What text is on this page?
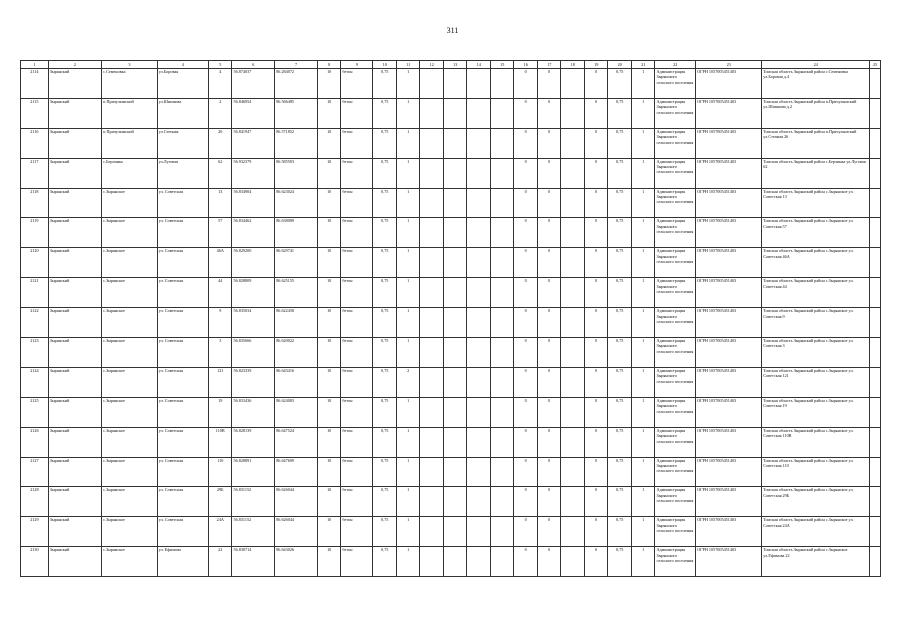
311
1	2	3	4	5	6	7	8	9	10	11	12	13	14	15	16	17	18	19	20	21	22	23	24	25
2114	Зырянский	с.Семеновка	ул.Боровая	4	56.874037	86.284072	10	бетон	0,75	1					0	0		0	0,75	1	Администрация Зырянского сельского поселения	ОГРН 1057005451403	Томская область Зырянский район с.Семеновка ул.Боровая д.4	
2115	Зырянский	п.Причулымский	ул.Шишкова	2	56.846954	86.566485	10	бетон	0,75	1					0	0		0	0,75	1	Администрация Зырянского сельского поселения	ОГРН 1057005451403	Томская область Зырянский район п.Причулымский ул.Шишкова д.2	
2116	Зырянский	п.Причулымский	ул.Степная	26	56.841947	86.571852	10	бетон	0,75	1					0	0		0	0,75	1	Администрация Зырянского сельского поселения	ОГРН 1057005451403	Томская область Зырянский район п.Причулымский ул.Степная 26	
2117	Зырянский	с.Берлинка	ул.Луговая	62	56.932379	86.585503	10	бетон	0,75	1					0	0		0	0,75	1	Администрация Зырянского сельского поселения	ОГРН 1057005451403	Томская область Зырянский район с.Берлинка ул.Луговая 62	
2118	Зырянский	с.Зырянское	ул. Советская	13	56.834904	86.623024	10	бетон	0,75	1					0	0		0	0,75	1	Администрация Зырянского сельского поселения	ОГРН 1057005451403	Томская область Зырянский район с.Зырянское ул. Советская 13	
2119	Зырянский	с.Зырянское	ул. Советская	57	56.834462	86.638089	10	бетон	0,75	1					0	0		0	0,75	1	Администрация Зырянского сельского поселения	ОГРН 1057005451403	Томская область Зырянский район с.Зырянское ул. Советская 57	
2120	Зырянский	с.Зырянское	ул. Советская	46А	56.829200	86.629741	10	бетон	0,75	1					0	0		0	0,75	1	Администрация Зырянского сельского поселения	ОГРН 1057005451403	Томская область Зырянский район с.Зырянское ул. Советская 46А	
2121	Зырянский	с.Зырянское	ул. Советская	44	56.828809	86.625155	10	бетон	0,75	1					0	0		0	0,75	1	Администрация Зырянского сельского поселения	ОГРН 1057005451403	Томская область Зырянский район с.Зырянское ул. Советская 44	
2122	Зырянский	с.Зырянское	ул. Советская	9	56.835034	86.622458	10	бетон	0,75	1					0	0		0	0,75	1	Администрация Зырянского сельского поселения	ОГРН 1057005451403	Томская область Зырянский район с.Зырянское ул. Советская 9	
2123	Зырянский	с.Зырянское	ул. Советская	3	56.835666	86.620022	10	бетон	0,75	1					0	0		0	0,75	1	Администрация Зырянского сельского поселения	ОГРН 1057005451403	Томская область Зырянский район с.Зырянское ул. Советская 3	
2124	Зырянский	с.Зырянское	ул. Советская	121	56.823339	86.643416	10	бетон	0,75	2					0	0		0	0,75	1	Администрация Зырянского сельского поселения	ОГРН 1057005451403	Томская область Зырянский район с.Зырянское ул. Советская 121	
2125	Зырянский	с.Зырянское	ул. Советская	19	56.833436	86.624083	10	бетон	0,75	1					0	0		0	0,75	1	Администрация Зырянского сельского поселения	ОГРН 1057005451403	Томская область Зырянский район с.Зырянское ул. Советская 19	
2126	Зырянский	с.Зырянское	ул. Советская	110В	56.828139	86.647524	10	бетон	0,75	1					0	0		0	0,75	1	Администрация Зырянского сельского поселения	ОГРН 1057005451403	Томская область Зырянский район с.Зырянское ул. Советская 110В	
2127	Зырянский	с.Зырянское	ул. Советская	110	56.828891	86.647609	10	бетон	0,75	1					0	0		0	0,75	1	Администрация Зырянского сельского поселения	ОГРН 1057005451403	Томская область Зырянский район с.Зырянское ул. Советская 110	
2128	Зырянский	с.Зырянское	ул. Советская	29Б	56.831152	86.626044	10	бетон	0,75	1					0	0		0	0,75	1	Администрация Зырянского сельского поселения	ОГРН 1057005451403	Томская область Зырянский район с.Зырянское ул. Советская 29Б	
2129	Зырянский	с.Зырянское	ул. Советская	24А	56.831152	86.626044	10	бетон	0,75	1					0	0		0	0,75	1	Администрация Зырянского сельского поселения	ОГРН 1057005451403	Томская область Зырянский район с.Зырянское ул. Советская 24А	
2130	Зырянский	с.Зырянское	ул. Ефимова	22	56.830714	86.643026	10	бетон	0,75	1					0	0		0	0,75	1	Администрация Зырянского сельского поселения	ОГРН 1057005451403	Томская область Зырянский район с.Зырянское ул.Ефимова 22	
